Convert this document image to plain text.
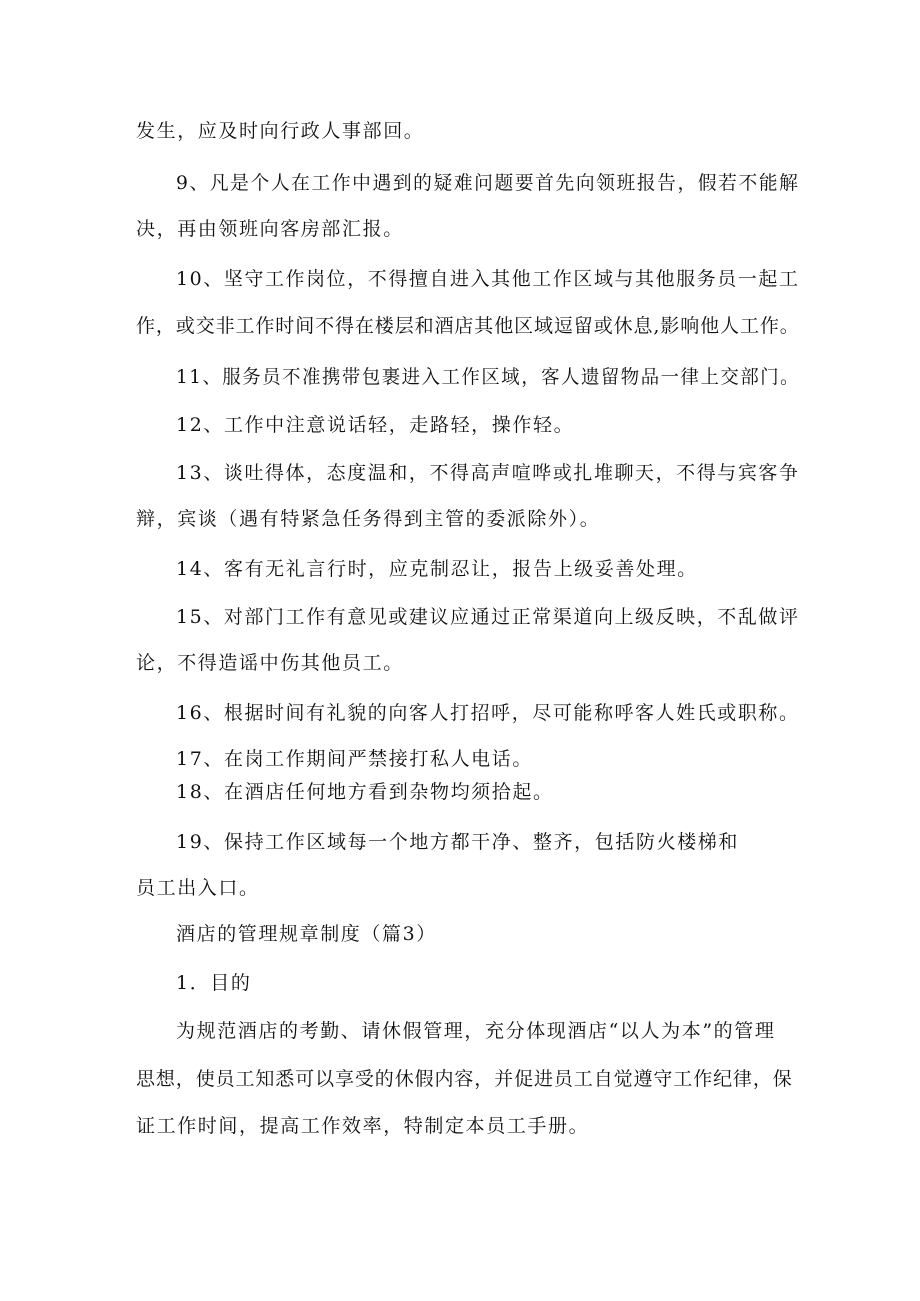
发生，应及时向行政人事部回。
9、凡是个人在工作中遇到的疑难问题要首先向领班报告，假若不能解
决，再由领班向客房部汇报。
10、坚守工作岗位，不得擅自进入其他工作区域与其他服务员一起工
作，或交非工作时间不得在楼层和酒店其他区域逗留或休息,影响他人工作。
11、服务员不准携带包裹进入工作区域，客人遗留物品一律上交部门。
12、工作中注意说话轻，走路轻，操作轻。
13、谈吐得体，态度温和，不得高声喧哗或扎堆聊天，不得与宾客争
辩，宾谈（遇有特紧急任务得到主管的委派除外）。
14、客有无礼言行时，应克制忍让，报告上级妥善处理。
15、对部门工作有意见或建议应通过正常渠道向上级反映，不乱做评
论，不得造谣中伤其他员工。
16、根据时间有礼貌的向客人打招呼，尽可能称呼客人姓氏或职称。
17、在岗工作期间严禁接打私人电话。
18、在酒店任何地方看到杂物均须拾起。
19、保持工作区域每一个地方都干净、整齐，包括防火楼梯和
员工出入口。
酒店的管理规章制度（篇3）
1．目的
为规范酒店的考勤、请休假管理，充分体现酒店“以人为本”的管理
思想，使员工知悉可以享受的休假内容，并促进员工自觉遵守工作纪律，保
证工作时间，提高工作效率，特制定本员工手册。
